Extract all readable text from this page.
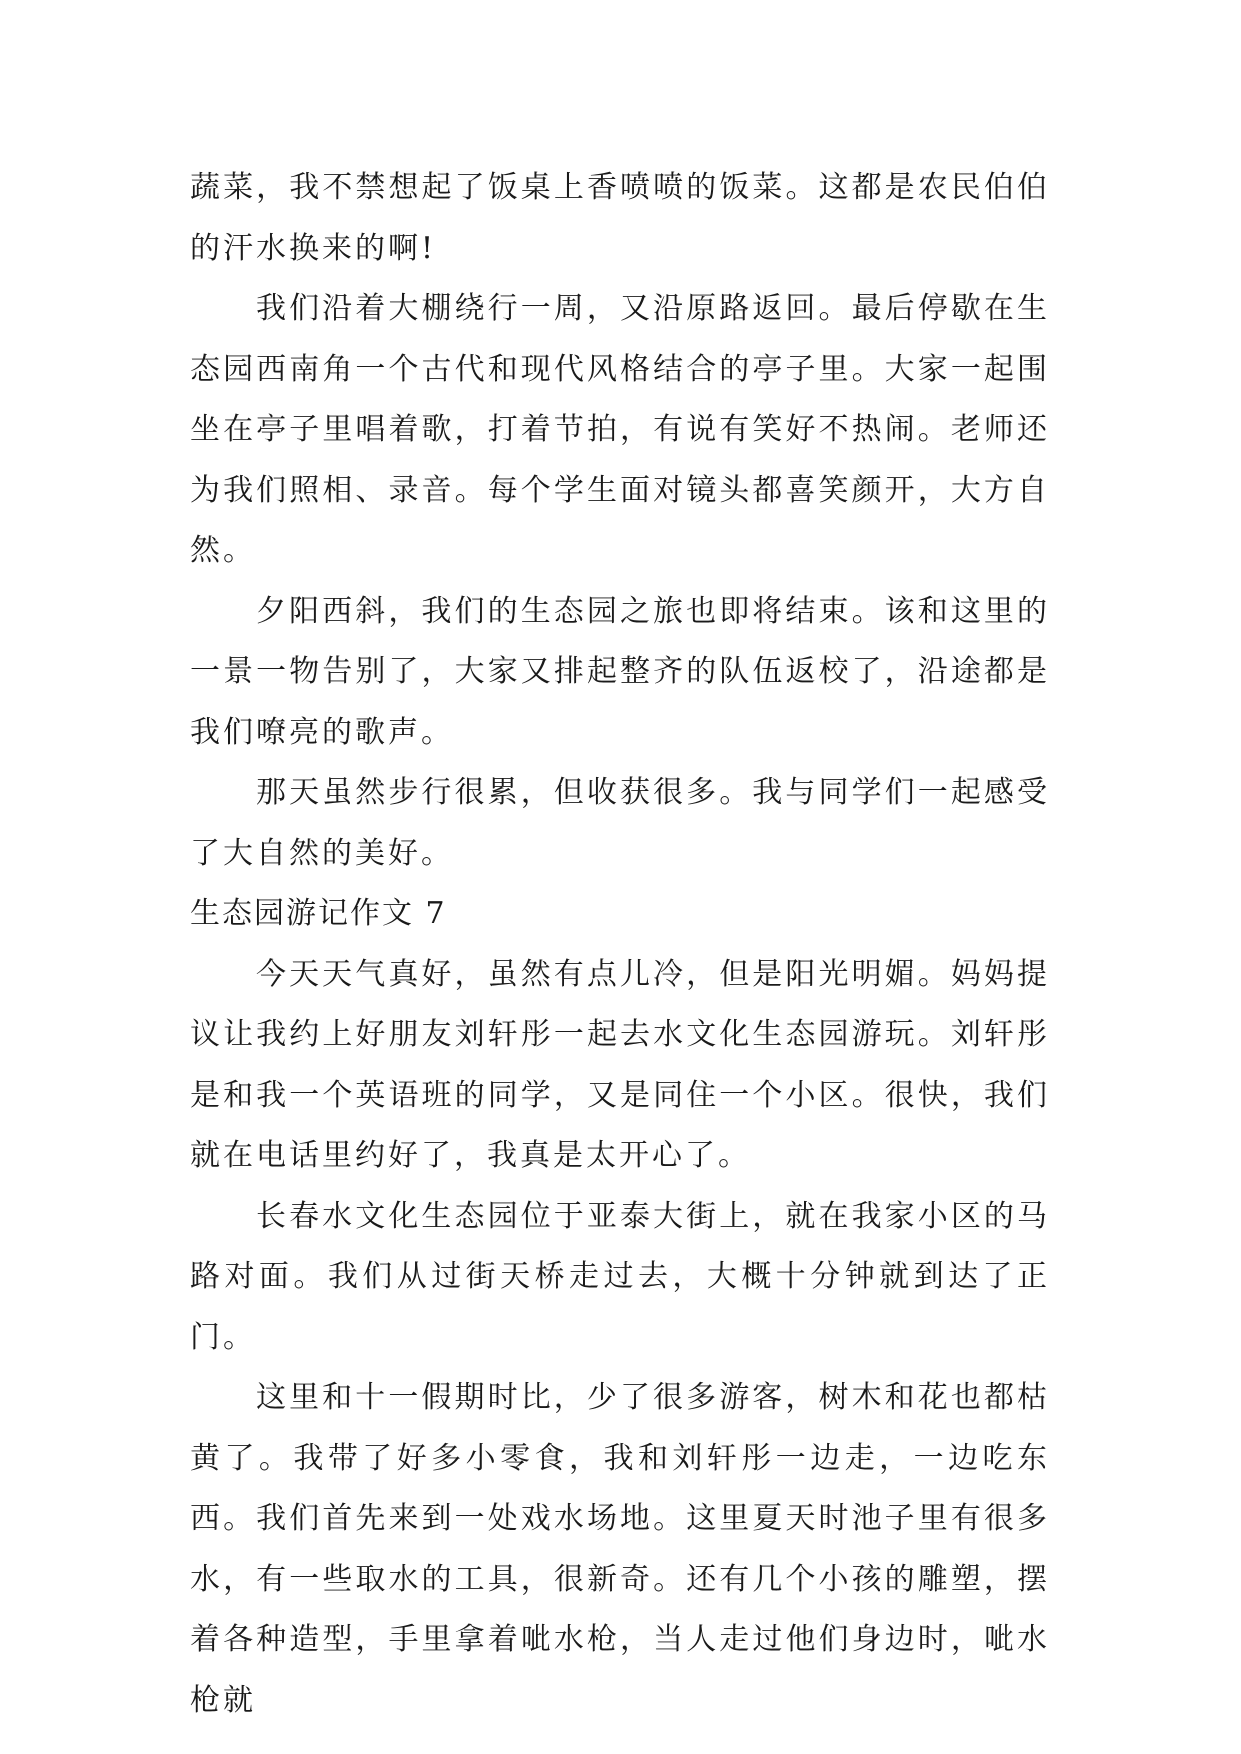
蔬菜，我不禁想起了饭桌上香喷喷的饭菜。这都是农民伯伯的汗水换来的啊!

我们沿着大棚绕行一周，又沿原路返回。最后停歇在生态园西南角一个古代和现代风格结合的亭子里。大家一起围坐在亭子里唱着歌，打着节拍，有说有笑好不热闹。老师还为我们照相、录音。每个学生面对镜头都喜笑颜开，大方自然。

夕阳西斜，我们的生态园之旅也即将结束。该和这里的一景一物告别了，大家又排起整齐的队伍返校了，沿途都是我们嘹亮的歌声。

那天虽然步行很累，但收获很多。我与同学们一起感受了大自然的美好。

生态园游记作文 7

今天天气真好，虽然有点儿冷，但是阳光明媚。妈妈提议让我约上好朋友刘轩彤一起去水文化生态园游玩。刘轩彤是和我一个英语班的同学，又是同住一个小区。很快，我们就在电话里约好了，我真是太开心了。

长春水文化生态园位于亚泰大街上，就在我家小区的马路对面。我们从过街天桥走过去，大概十分钟就到达了正门。

这里和十一假期时比，少了很多游客，树木和花也都枯黄了。我带了好多小零食，我和刘轩彤一边走，一边吃东西。我们首先来到一处戏水场地。这里夏天时池子里有很多水，有一些取水的工具，很新奇。还有几个小孩的雕塑，摆着各种造型，手里拿着呲水枪，当人走过他们身边时，呲水枪就
